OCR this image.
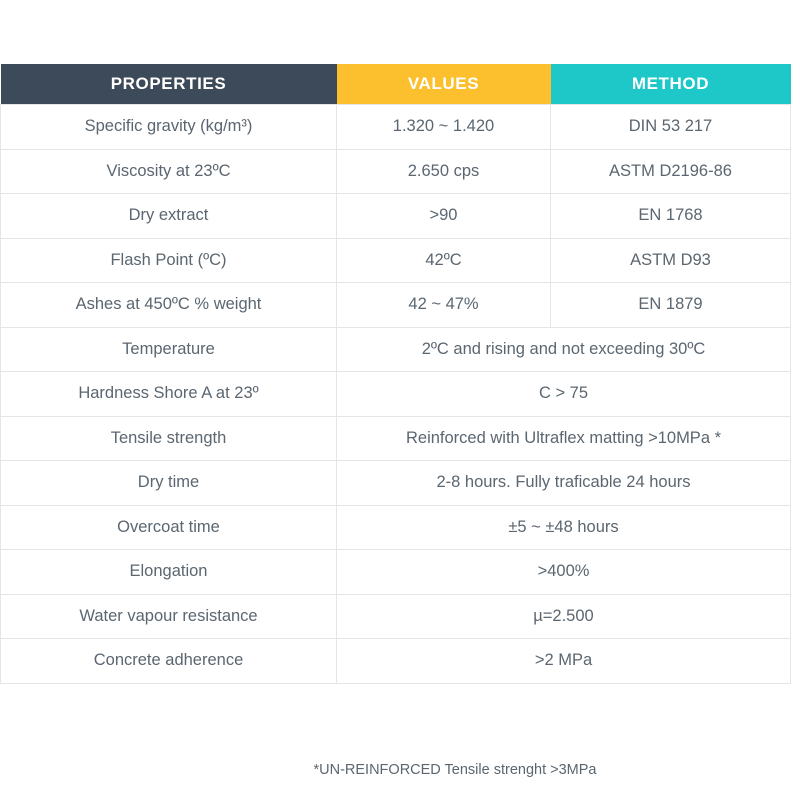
PROPERTIES	VALUES	METHOD
Specific gravity (kg/m³)	1.320 ~ 1.420	DIN 53 217
Viscosity at 23ºC	2.650 cps	ASTM D2196-86
Dry extract	>90	EN 1768
Flash Point (ºC)	42ºC	ASTM D93
Ashes at 450ºC % weight	42 ~ 47%	EN 1879
Temperature	2ºC and rising and not exceeding 30ºC	
Hardness Shore A at 23º	C > 75	
Tensile strength	Reinforced with Ultraflex matting >10MPa *	
Dry time	2-8 hours. Fully traficable 24 hours	
Overcoat time	±5 ~ ±48 hours	
Elongation	>400%	
Water vapour resistance	µ=2.500	
Concrete adherence	>2 MPa	
*UN-REINFORCED Tensile strenght >3MPa
